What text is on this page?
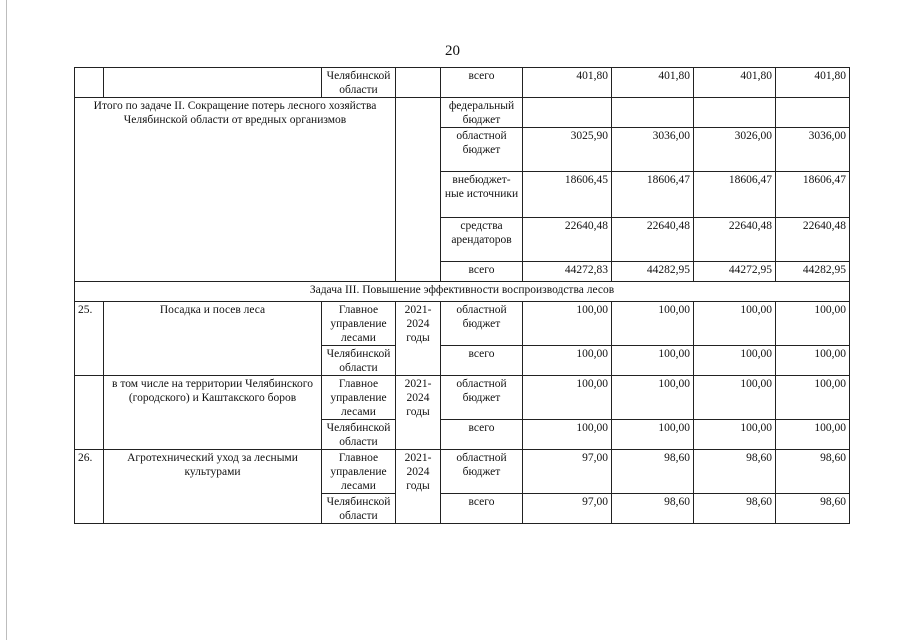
20
		Челябинской области		всего	401,80	401,80	401,80	401,80
Итого по задаче II. Сокращение потерь лесного хозяйства Челябинской области от вредных организмов				федеральный бюджет				
				областной бюджет	3025,90	3036,00	3026,00	3036,00
				внебюджет-ные источники	18606,45	18606,47	18606,47	18606,47
				средства арендаторов	22640,48	22640,48	22640,48	22640,48
				всего	44272,83	44282,95	44272,95	44282,95
Задача III. Повышение эффективности воспроизводства лесов								
25.	Посадка и посев леса	Главное управление лесами	2021-2024 годы	областной бюджет	100,00	100,00	100,00	100,00
		Челябинской области		всего	100,00	100,00	100,00	100,00
	в том числе на территории Челябинского (городского) и Каштакского боров	Главное управление лесами	2021-2024 годы	областной бюджет	100,00	100,00	100,00	100,00
		Челябинской области		всего	100,00	100,00	100,00	100,00
26.	Агротехнический уход за лесными культурами	Главное управление лесами	2021-2024 годы	областной бюджет	97,00	98,60	98,60	98,60
		Челябинской области		всего	97,00	98,60	98,60	98,60
